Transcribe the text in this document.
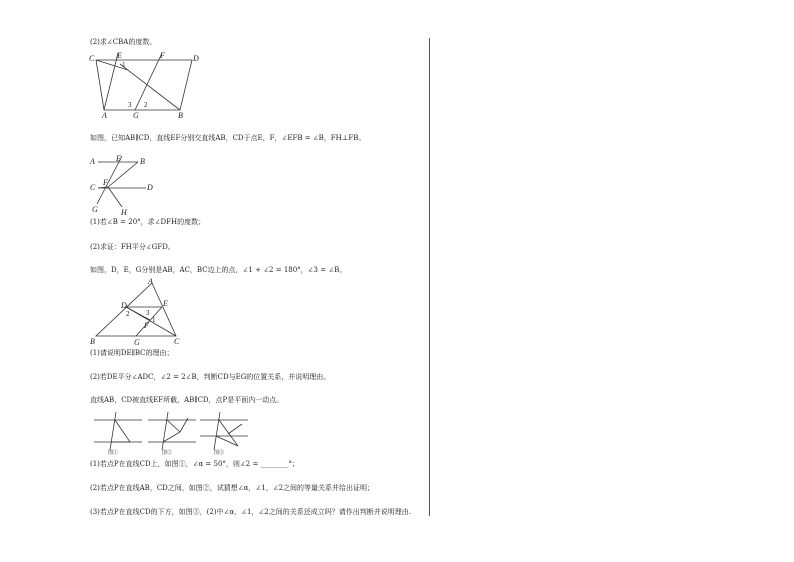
(2)求∠CBA的度数。
C	E	F	D
1
3 2
A	G	B
如图，已知AB∥CD，直线EF分别交直线AB，CD于点E，F，∠EFB = ∠B，FH⊥FB。
A	E B
C
F
D
G	H
(1)若∠B = 20°，求∠DFH的度数；
(2)求证：FH平分∠GFD。
如图，D，E，G分别是AB，AC，BC边上的点，∠1 + ∠2 = 180°，∠3 = ∠B。
A
D	E
2 3
1
F
B	G	C
(1)请说明DE∥BC的理由；
(2)若DE平分∠ADC，∠2 = 2∠B，判断CD与EG的位置关系，并说明理由。
直线AB，CD被直线EF所截，AB∥CD，点P是平面内一动点。
图①	图②	图③
(1)若点P在直线CD上，如图①，∠α = 50°，则∠2 = ________°；
(2)若点P在直线AB，CD之间，如图②，试猜想∠α，∠1，∠2之间的等量关系并给出证明；
(3)若点P在直线CD的下方，如图③，(2)中∠α，∠1，∠2之间的关系还成立吗？请作出判断并说明理由.
